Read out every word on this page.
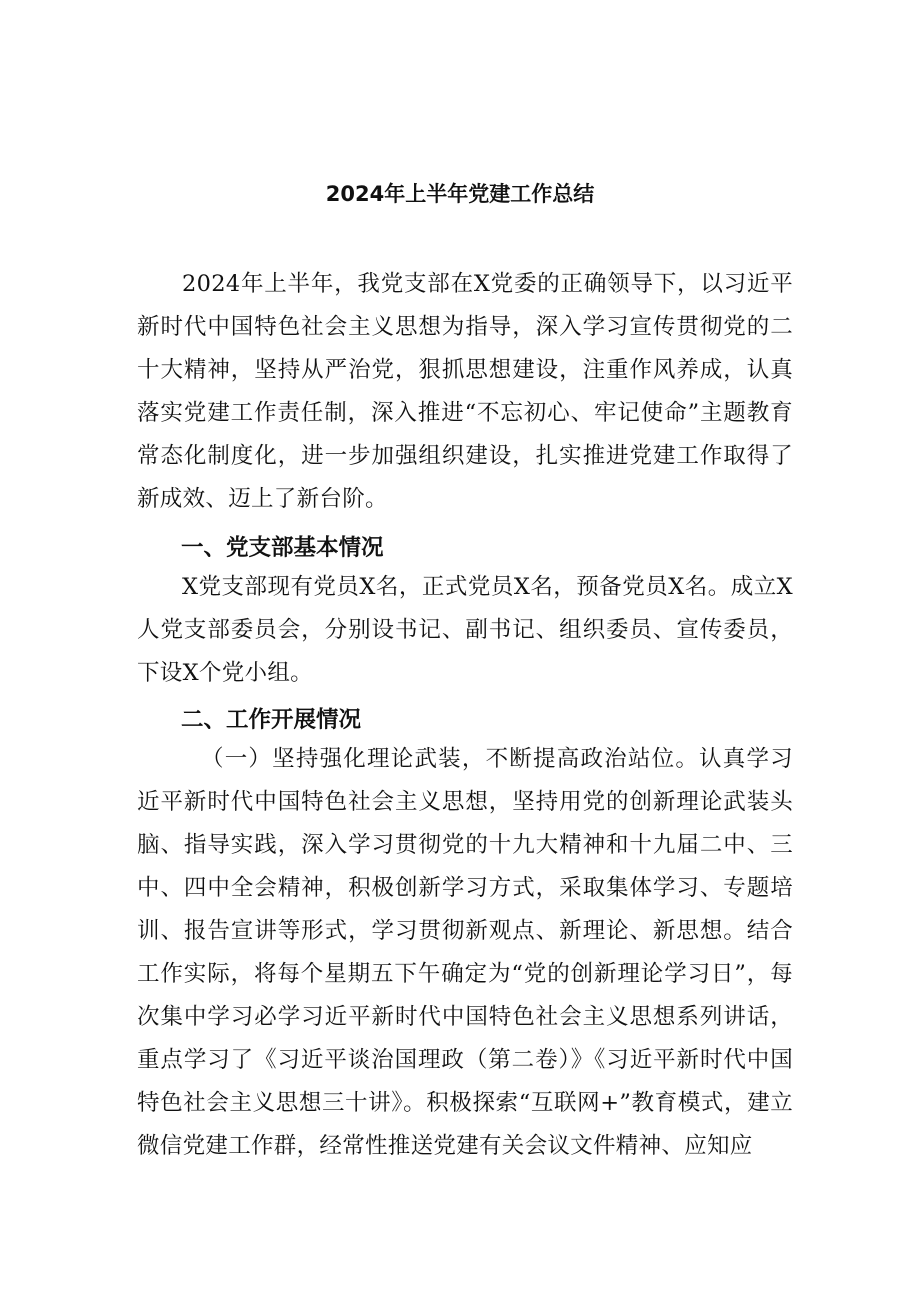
2024年上半年党建工作总结

2024年上半年，我党支部在X党委的正确领导下，以习近平新时代中国特色社会主义思想为指导，深入学习宣传贯彻党的二十大精神，坚持从严治党，狠抓思想建设，注重作风养成，认真落实党建工作责任制，深入推进“不忘初心、牢记使命”主题教育常态化制度化，进一步加强组织建设，扎实推进党建工作取得了新成效、迈上了新台阶。

一、党支部基本情况

X党支部现有党员X名，正式党员X名，预备党员X名。成立X人党支部委员会，分别设书记、副书记、组织委员、宣传委员，下设X个党小组。

二、工作开展情况

（一）坚持强化理论武装，不断提高政治站位。认真学习近平新时代中国特色社会主义思想，坚持用党的创新理论武装头脑、指导实践，深入学习贯彻党的十九大精神和十九届二中、三中、四中全会精神，积极创新学习方式，采取集体学习、专题培训、报告宣讲等形式，学习贯彻新观点、新理论、新思想。结合工作实际，将每个星期五下午确定为“党的创新理论学习日”，每次集中学习必学习近平新时代中国特色社会主义思想系列讲话，重点学习了《习近平谈治国理政（第二卷）》《习近平新时代中国特色社会主义思想三十讲》。积极探索“互联网+”教育模式，建立微信党建工作群，经常性推送党建有关会议文件精神、应知应
